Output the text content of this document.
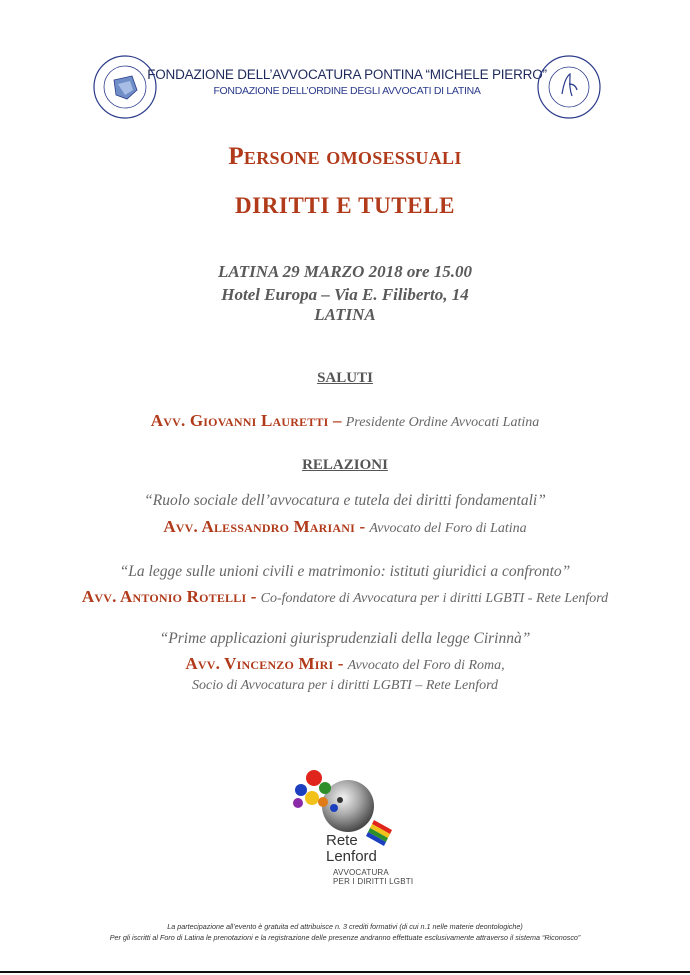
FONDAZIONE DELL’AVVOCATURA PONTINA “MICHELE PIERRO”
FONDAZIONE DELL’ORDINE DEGLI AVVOCATI DI LATINA
Persone omosessuali
DIRITTI E TUTELE
LATINA 29 MARZO 2018 ore 15.00
Hotel Europa – Via E. Filiberto, 14
LATINA
SALUTI
Avv. Giovanni Lauretti – Presidente Ordine Avvocati Latina
RELAZIONI
“Ruolo sociale dell’avvocatura e tutela dei diritti fondamentali”
Avv. Alessandro Mariani - Avvocato del Foro di Latina
“La legge sulle unioni civili e matrimonio: istituti giuridici a confronto”
Avv. Antonio Rotelli - Co-fondatore di Avvocatura per i diritti LGBTI - Rete Lenford
“Prime applicazioni giurisprudenziali della legge Cirinnà”
Avv. Vincenzo Miri - Avvocato del Foro di Roma,
Socio di Avvocatura per i diritti LGBTI – Rete Lenford
Rete
Lenford
AVVOCATURA
PER I DIRITTI LGBTI
La partecipazione all’evento è gratuita ed attribuisce n. 3 crediti formativi (di cui n.1 nelle materie deontologiche)
Per gli iscritti al Foro di Latina le prenotazioni e la registrazione delle presenze andranno effettuate esclusivamente attraverso il sistema “Riconosco”
